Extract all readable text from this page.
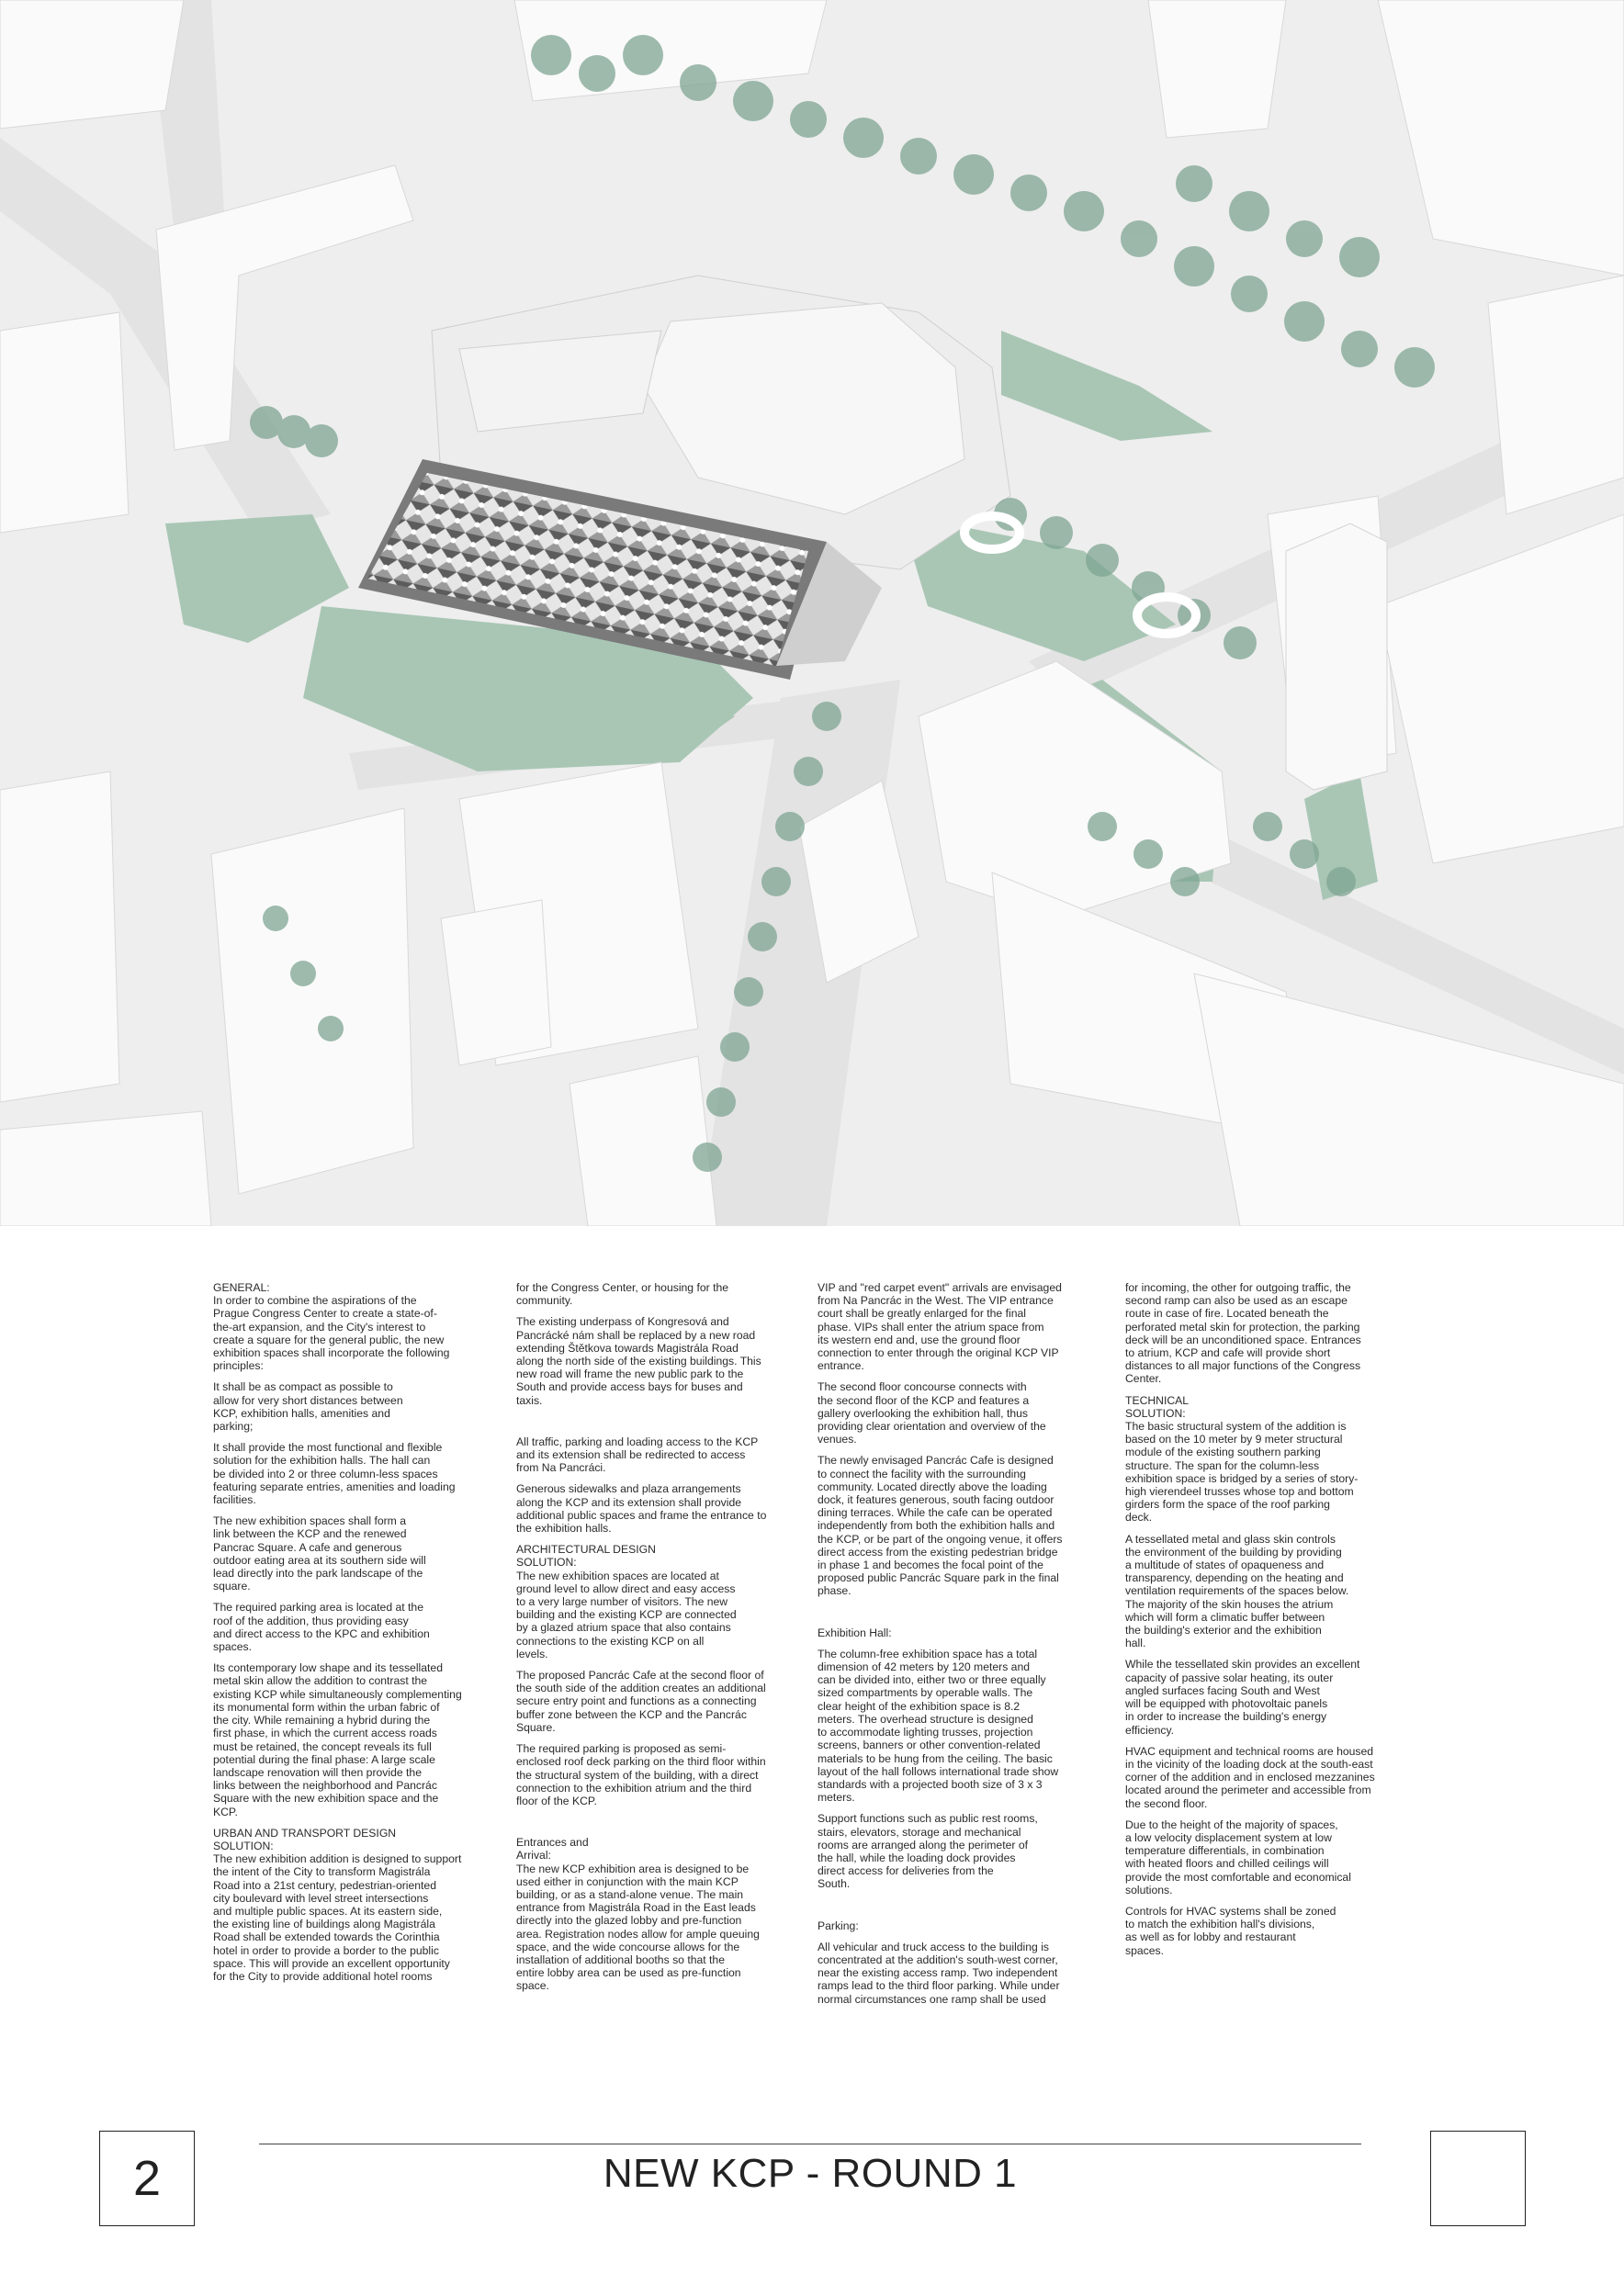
GENERAL:
In order to combine the aspirations of the
Prague Congress Center to create a state-of-
the-art expansion, and the City's interest to
create a square for the general public, the new
exhibition spaces shall incorporate the following
principles:

It shall be as compact as possible to
allow for very short distances between
KCP, exhibition halls, amenities and
parking;

It shall provide the most functional and flexible
solution for the exhibition halls. The hall can
be divided into 2 or three column-less spaces
featuring separate entries, amenities and loading
facilities.

The new exhibition spaces shall form a
link between the KCP and the renewed
Pancrac Square. A cafe and generous
outdoor eating area at its southern side will
lead directly into the park landscape of the
square.

The required parking area is located at the
roof of the addition, thus providing easy
and direct access to the KPC and exhibition
spaces.

Its contemporary low shape and its tessellated
metal skin allow the addition to contrast the
existing KCP while simultaneously complementing
its monumental form within the urban fabric of
the city. While remaining a hybrid during the
first phase, in which the current access roads
must be retained, the concept reveals its full
potential during the final phase: A large scale
landscape renovation will then provide the
links between the neighborhood and Pancrác
Square with the new exhibition space and the
KCP.

URBAN AND TRANSPORT DESIGN
SOLUTION:

The new exhibition addition is designed to support
the intent of the City to transform Magistrála
Road into a 21st century, pedestrian-oriented
city boulevard with level street intersections
and multiple public spaces. At its eastern side,
the existing line of buildings along Magistrála
Road shall be extended towards the Corinthia
hotel in order to provide a border to the public
space. This will provide an excellent opportunity
for the City to provide additional hotel rooms

for the Congress Center, or housing for the
community.

The existing underpass of Kongresová and
Pancrácké nám shall be replaced by a new road
extending Štětkova towards Magistrála Road
along the north side of the existing buildings. This
new road will frame the new public park to the
South and provide access bays for buses and
taxis.

All traffic, parking and loading access to the KCP
and its extension shall be redirected to access
from Na Pancráci.

Generous sidewalks and plaza arrangements
along the KCP and its extension shall provide
additional public spaces and frame the entrance to
the exhibition halls.

ARCHITECTURAL DESIGN
SOLUTION:

The new exhibition spaces are located at
ground level to allow direct and easy access
to a very large number of visitors. The new
building and the existing KCP are connected
by a glazed atrium space that also contains
connections to the existing KCP on all
levels.

The proposed Pancrác Cafe at the second floor of
the south side of the addition creates an additional
secure entry point and functions as a connecting
buffer zone between the KCP and the Pancrác
Square.

The required parking is proposed as semi-
enclosed roof deck parking on the third floor within
the structural system of the building, with a direct
connection to the exhibition atrium and the third
floor of the KCP.

Entrances and
Arrival:

The new KCP exhibition area is designed to be
used either in conjunction with the main KCP
building, or as a stand-alone venue. The main
entrance from Magistrála Road in the East leads
directly into the glazed lobby and pre-function
area. Registration nodes allow for ample queuing
space, and the wide concourse allows for the
installation of additional booths so that the
entire lobby area can be used as pre-function
space.

VIP and "red carpet event" arrivals are envisaged
from Na Pancrác in the West. The VIP entrance
court shall be greatly enlarged for the final
phase. VIPs shall enter the atrium space from
its western end and, use the ground floor
connection to enter through the original KCP VIP
entrance.

The second floor concourse connects with
the second floor of the KCP and features a
gallery overlooking the exhibition hall, thus
providing clear orientation and overview of the
venues.

The newly envisaged Pancrác Cafe is designed
to connect the facility with the surrounding
community. Located directly above the loading
dock, it features generous, south facing outdoor
dining terraces. While the cafe can be operated
independently from both the exhibition halls and
the KCP, or be part of the ongoing venue, it offers
direct access from the existing pedestrian bridge
in phase 1 and becomes the focal point of the
proposed public Pancrác Square park in the final
phase.

Exhibition Hall:

The column-free exhibition space has a total
dimension of 42 meters by 120 meters and
can be divided into, either two or three equally
sized compartments by operable walls. The
clear height of the exhibition space is 8.2
meters. The overhead structure is designed
to accommodate lighting trusses, projection
screens, banners or other convention-related
materials to be hung from the ceiling. The basic
layout of the hall follows international trade show
standards with a projected booth size of 3 x 3
meters.

Support functions such as public rest rooms,
stairs, elevators, storage and mechanical
rooms are arranged along the perimeter of
the hall, while the loading dock provides
direct access for deliveries from the
South.

Parking:

All vehicular and truck access to the building is
concentrated at the addition's south-west corner,
near the existing access ramp. Two independent
ramps lead to the third floor parking. While under
normal circumstances one ramp shall be used

for incoming, the other for outgoing traffic, the
second ramp can also be used as an escape
route in case of fire. Located beneath the
perforated metal skin for protection, the parking
deck will be an unconditioned space. Entrances
to atrium, KCP and cafe will provide short
distances to all major functions of the Congress
Center.

TECHNICAL
SOLUTION:

The basic structural system of the addition is
based on the 10 meter by 9 meter structural
module of the existing southern parking
structure. The span for the column-less
exhibition space is bridged by a series of story-
high vierendeel trusses whose top and bottom
girders form the space of the roof parking
deck.

A tessellated metal and glass skin controls
the environment of the building by providing
a multitude of states of opaqueness and
transparency, depending on the heating and
ventilation requirements of the spaces below.
The majority of the skin houses the atrium
which will form a climatic buffer between
the building's exterior and the exhibition
hall.

While the tessellated skin provides an excellent
capacity of passive solar heating, its outer
angled surfaces facing South and West
will be equipped with photovoltaic panels
in order to increase the building's energy
efficiency.

HVAC equipment and technical rooms are housed
in the vicinity of the loading dock at the south-east
corner of the addition and in enclosed mezzanines
located around the perimeter and accessible from
the second floor.

Due to the height of the majority of spaces,
a low velocity displacement system at low
temperature differentials, in combination
with heated floors and chilled ceilings will
provide the most comfortable and economical
solutions.

Controls for HVAC systems shall be zoned
to match the exhibition hall's divisions,
as well as for lobby and restaurant
spaces.

2	NEW KCP - ROUND 1
